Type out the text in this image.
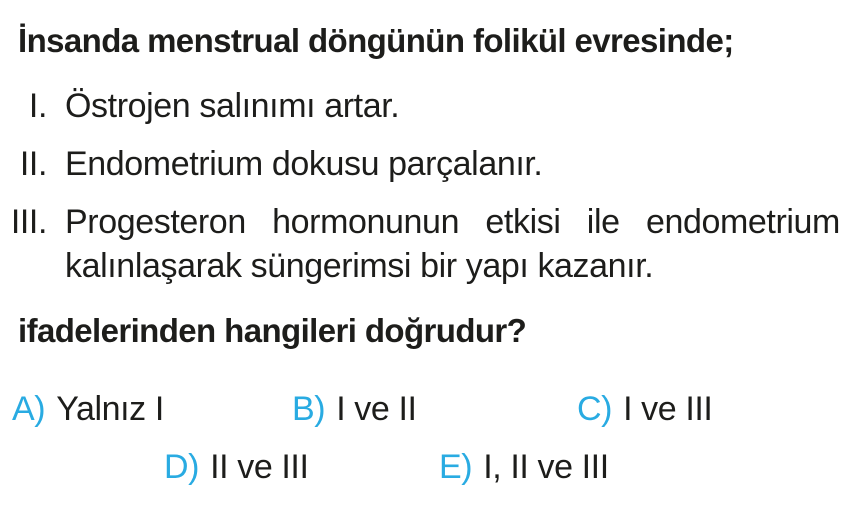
İnsanda menstrual döngünün folikül evresinde;

I. Östrojen salınımı artar.
II. Endometrium dokusu parçalanır.
III. Progesteron hormonunun etkisi ile endometrium kalınlaşarak süngerimsi bir yapı kazanır.

ifadelerinden hangileri doğrudur?

A) Yalnız I	B) I ve II	C) I ve III
D) II ve III	E) I, II ve III
